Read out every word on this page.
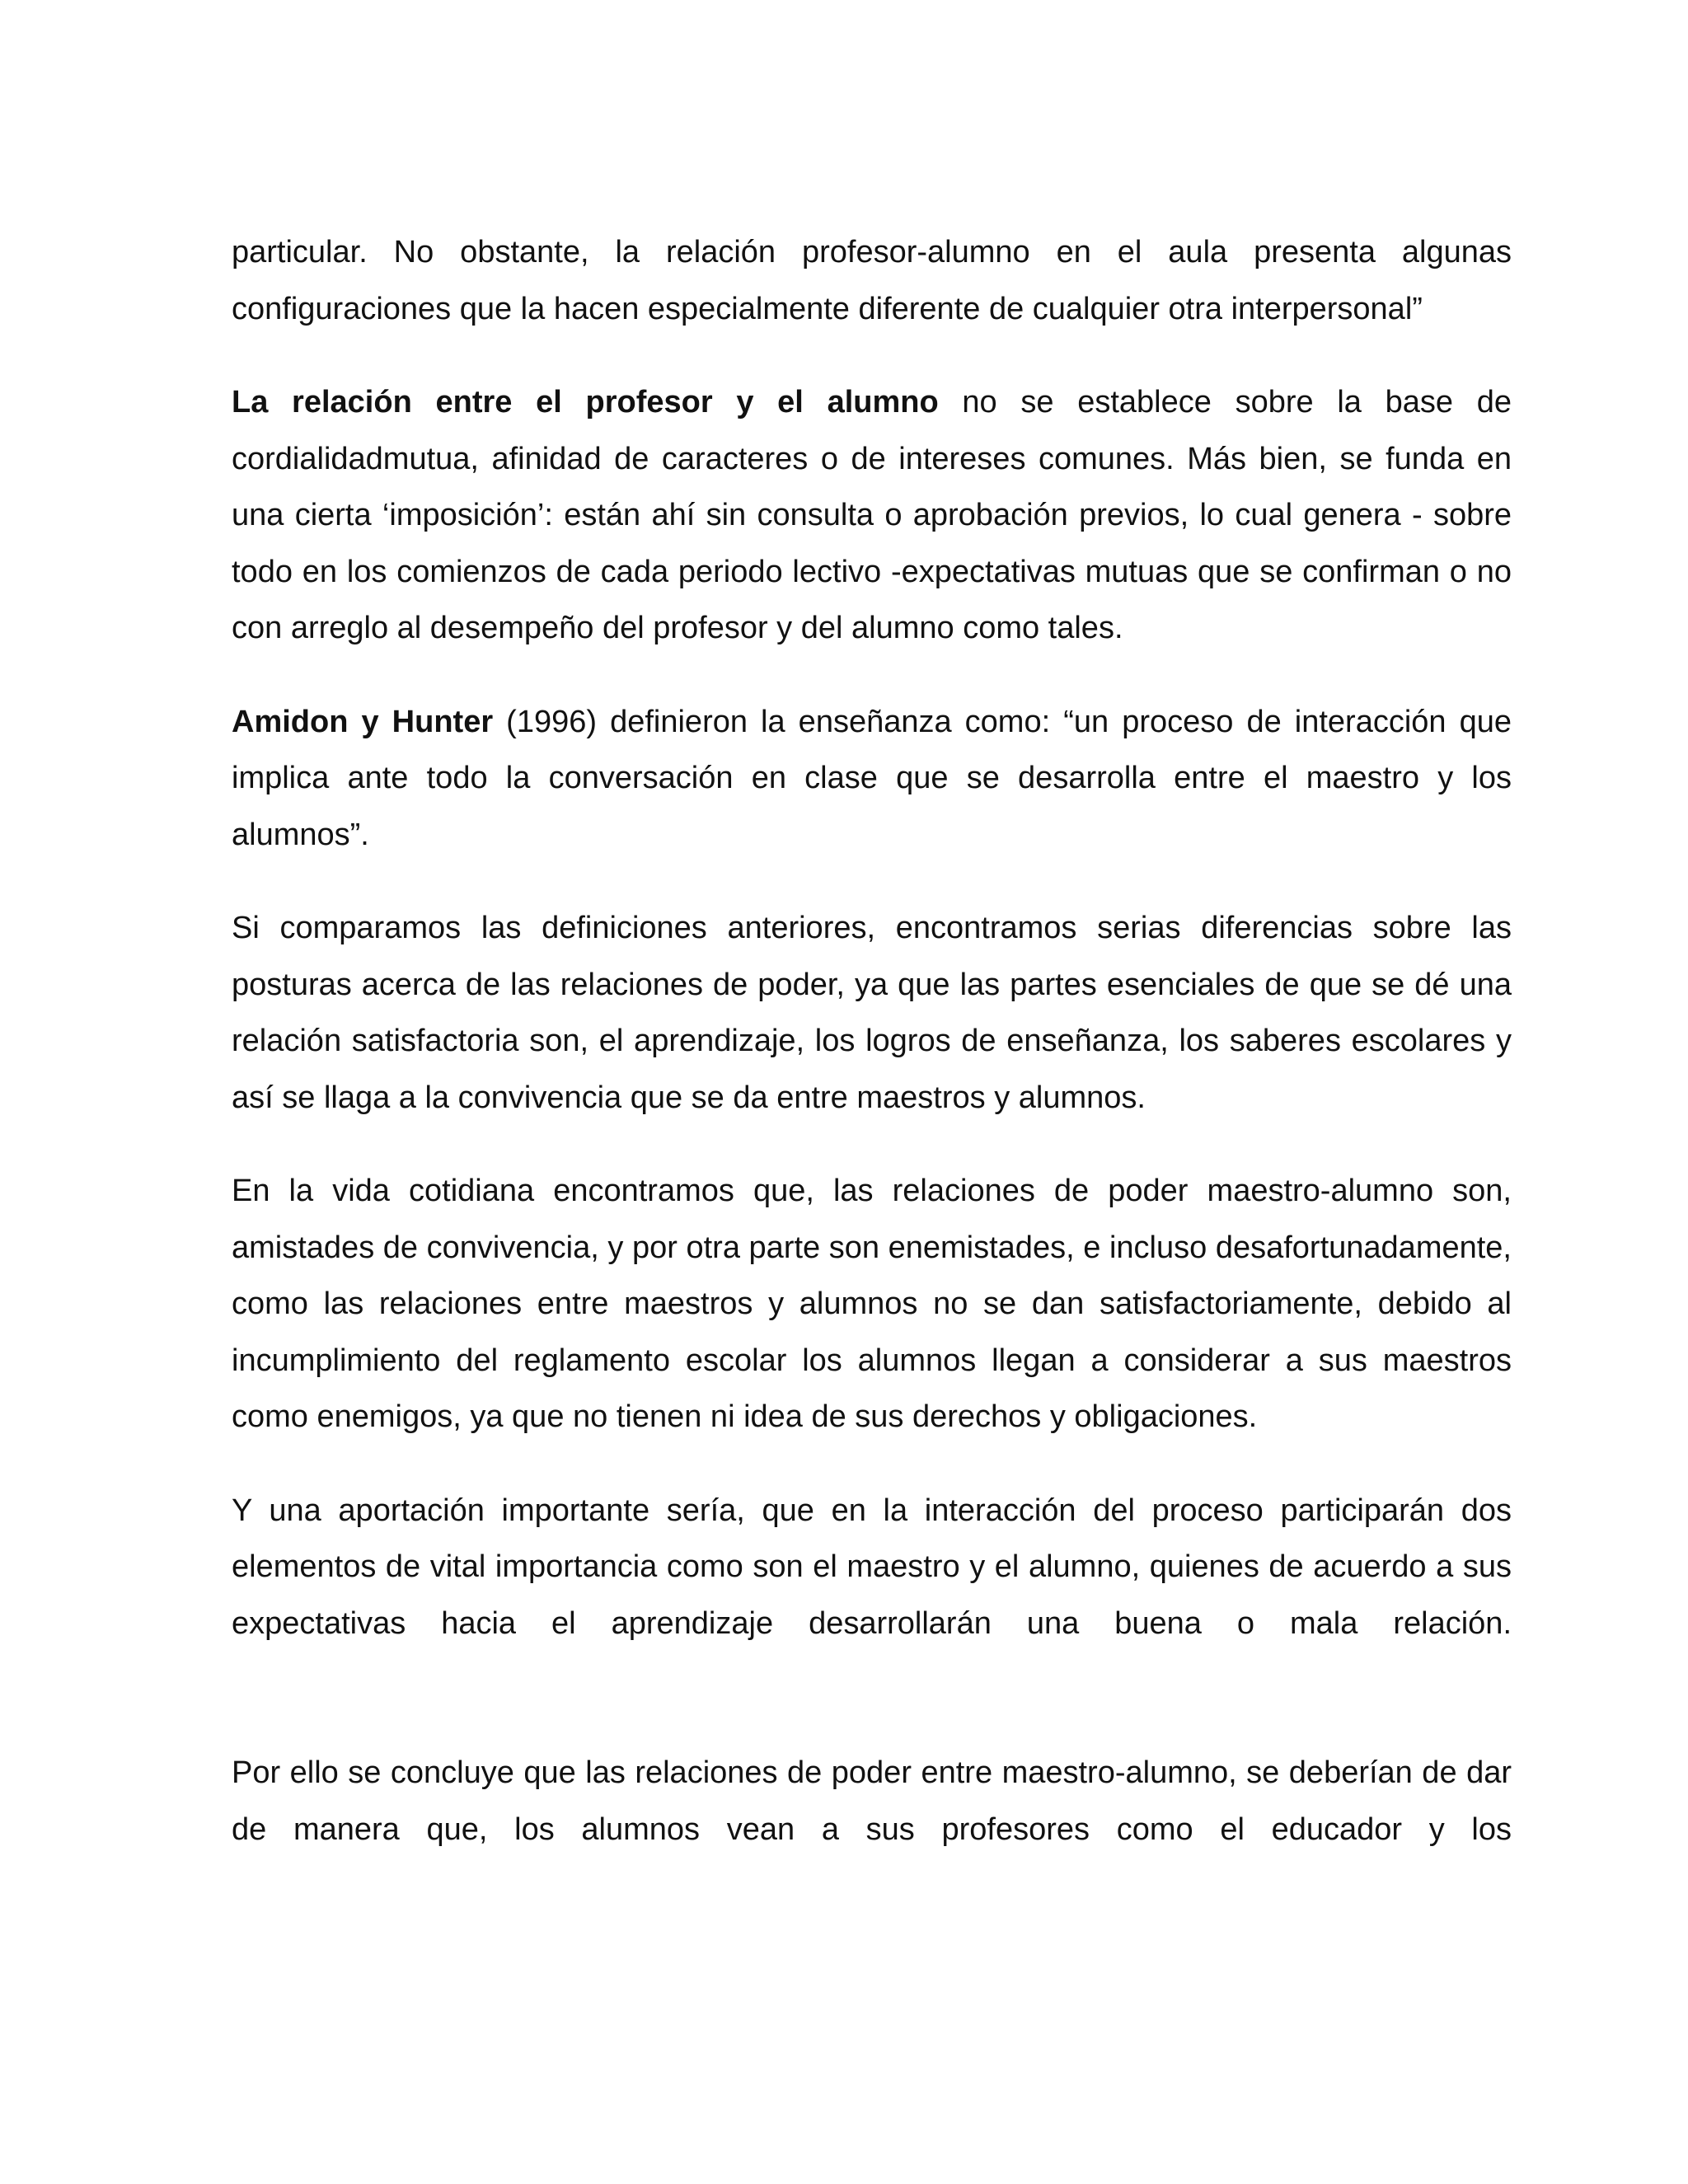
particular. No obstante, la relación profesor-alumno en el aula presenta algunas configuraciones que la hacen especialmente diferente de cualquier otra interpersonal”

La relación entre el profesor y el alumno no se establece sobre la base de cordialidadmutua, afinidad de caracteres o de intereses comunes. Más bien, se funda en una cierta ‘imposición’: están ahí sin consulta o aprobación previos, lo cual genera - sobre todo en los comienzos de cada periodo lectivo -expectativas mutuas que se confirman o no con arreglo al desempeño del profesor y del alumno como tales.

Amidon y Hunter (1996) definieron la enseñanza como: “un proceso de interacción que implica ante todo la conversación en clase que se desarrolla entre el maestro y los alumnos”.

Si comparamos las definiciones anteriores, encontramos serias diferencias sobre las posturas acerca de las relaciones de poder, ya que las partes esenciales de que se dé una relación satisfactoria son, el aprendizaje, los logros de enseñanza, los saberes escolares y así se llaga a la convivencia que se da entre maestros y alumnos.

En la vida cotidiana encontramos que, las relaciones de poder maestro-alumno son, amistades de convivencia, y por otra parte son enemistades, e incluso desafortunadamente, como las relaciones entre maestros y alumnos no se dan satisfactoriamente, debido al incumplimiento del reglamento escolar los alumnos llegan a considerar a sus maestros como enemigos, ya que no tienen ni idea de sus derechos y obligaciones.

Y una aportación importante sería, que en la interacción del proceso participarán dos elementos de vital importancia como son el maestro y el alumno, quienes de acuerdo a sus expectativas hacia el aprendizaje desarrollarán una buena o mala relación.

Por ello se concluye que las relaciones de poder entre maestro-alumno, se deberían de dar de manera que, los alumnos vean a sus profesores como el educador y los
